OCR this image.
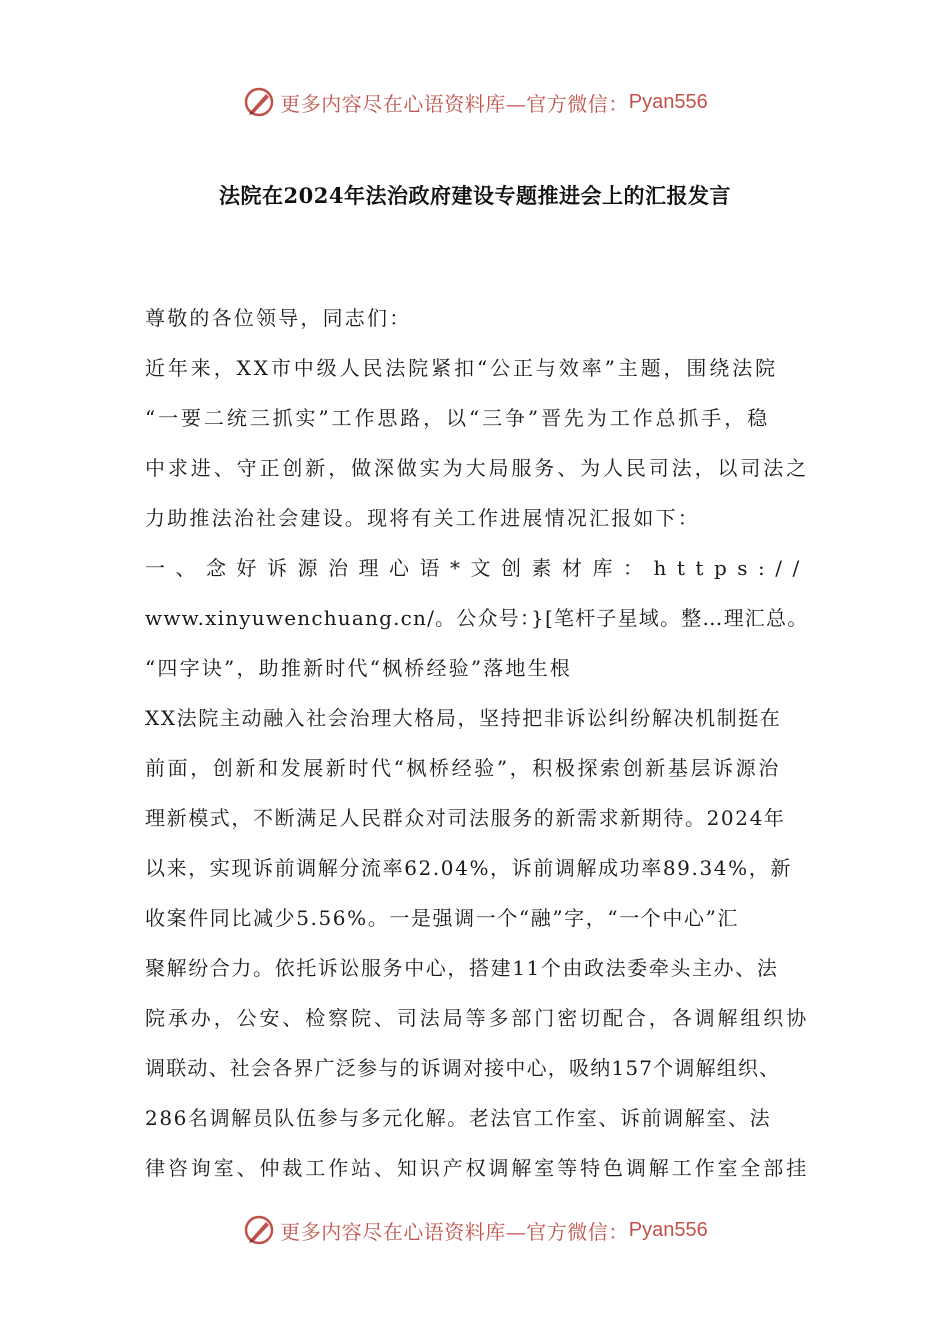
更多内容尽在心语资料库—官方微信： Pyan556
法院在2024年法治政府建设专题推进会上的汇报发言
尊敬的各位领导，同志们：
近年来，XX市中级人民法院紧扣“公正与效率”主题，围绕法院
“一要二统三抓实”工作思路，以“三争”晋先为工作总抓手，稳
中求进、守正创新，做深做实为大局服务、为人民司法，以司法之
力助推法治社会建设。现将有关工作进展情况汇报如下：
一、念好诉源治理心语*文创素材库：https://
www.xinyuwenchuang.cn/。公众号：}[笔杆子星域。整…理汇总。
“四字诀”，助推新时代“枫桥经验”落地生根
XX法院主动融入社会治理大格局，坚持把非诉讼纠纷解决机制挺在
前面，创新和发展新时代“枫桥经验”，积极探索创新基层诉源治
理新模式，不断满足人民群众对司法服务的新需求新期待。2024年
以来，实现诉前调解分流率62.04%，诉前调解成功率89.34%，新
收案件同比减少5.56%。一是强调一个“融”字，“一个中心”汇
聚解纷合力。依托诉讼服务中心，搭建11个由政法委牵头主办、法
院承办，公安、检察院、司法局等多部门密切配合，各调解组织协
调联动、社会各界广泛参与的诉调对接中心，吸纳157个调解组织、
286名调解员队伍参与多元化解。老法官工作室、诉前调解室、法
律咨询室、仲裁工作站、知识产权调解室等特色调解工作室全部挂
更多内容尽在心语资料库—官方微信： Pyan556
